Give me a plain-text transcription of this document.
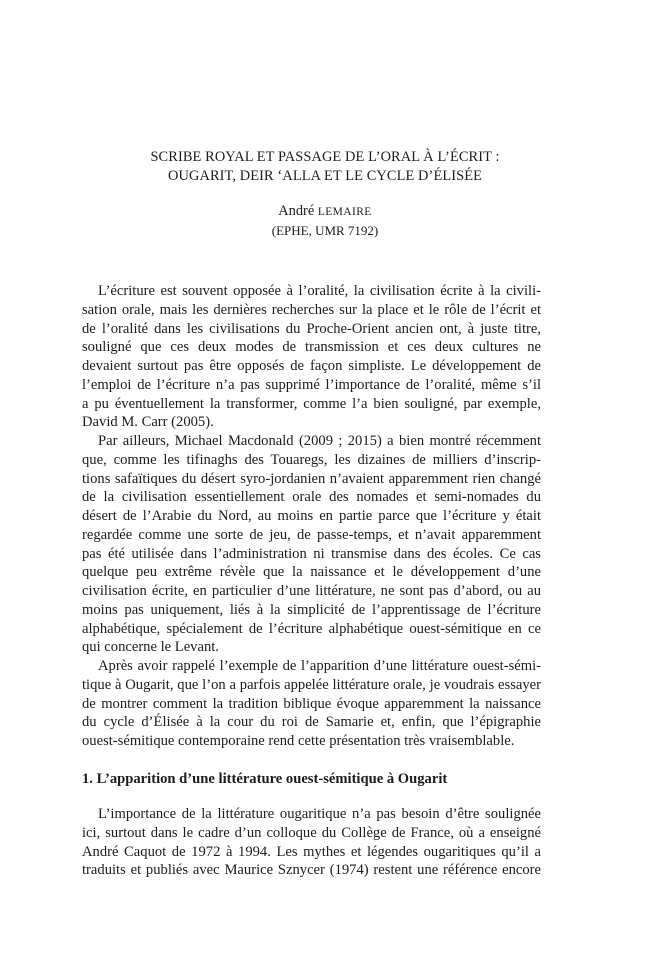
SCRIBE ROYAL ET PASSAGE DE L’ORAL À L’ÉCRIT :
OUGARIT, DEIR ‘ALLA ET LE CYCLE D’ÉLISÉE
André LEMAIRE
(EPHE, UMR 7192)
L’écriture est souvent opposée à l’oralité, la civilisation écrite à la civili-
sation orale, mais les dernières recherches sur la place et le rôle de l’écrit et
de l’oralité dans les civilisations du Proche-Orient ancien ont, à juste titre,
souligné que ces deux modes de transmission et ces deux cultures ne
devaient surtout pas être opposés de façon simpliste. Le développement de
l’emploi de l’écriture n’a pas supprimé l’importance de l’oralité, même s’il
a pu éventuellement la transformer, comme l’a bien souligné, par exemple,
David M. Carr (2005).
Par ailleurs, Michael Macdonald (2009 ; 2015) a bien montré récemment
que, comme les tifinaghs des Touaregs, les dizaines de milliers d’inscrip-
tions safaïtiques du désert syro-jordanien n’avaient apparemment rien changé
de la civilisation essentiellement orale des nomades et semi-nomades du
désert de l’Arabie du Nord, au moins en partie parce que l’écriture y était
regardée comme une sorte de jeu, de passe-temps, et n’avait apparemment
pas été utilisée dans l’administration ni transmise dans des écoles. Ce cas
quelque peu extrême révèle que la naissance et le développement d’une
civilisation écrite, en particulier d’une littérature, ne sont pas d’abord, ou au
moins pas uniquement, liés à la simplicité de l’apprentissage de l’écriture
alphabétique, spécialement de l’écriture alphabétique ouest-sémitique en ce
qui concerne le Levant.
Après avoir rappelé l’exemple de l’apparition d’une littérature ouest-sémi-
tique à Ougarit, que l’on a parfois appelée littérature orale, je voudrais essayer
de montrer comment la tradition biblique évoque apparemment la naissance
du cycle d’Élisée à la cour du roi de Samarie et, enfin, que l’épigraphie
ouest-sémitique contemporaine rend cette présentation très vraisemblable.
1. L’apparition d’une littérature ouest-sémitique à Ougarit
L’importance de la littérature ougaritique n’a pas besoin d’être soulignée
ici, surtout dans le cadre d’un colloque du Collège de France, où a enseigné
André Caquot de 1972 à 1994. Les mythes et légendes ougaritiques qu’il a
traduits et publiés avec Maurice Sznycer (1974) restent une référence encore
